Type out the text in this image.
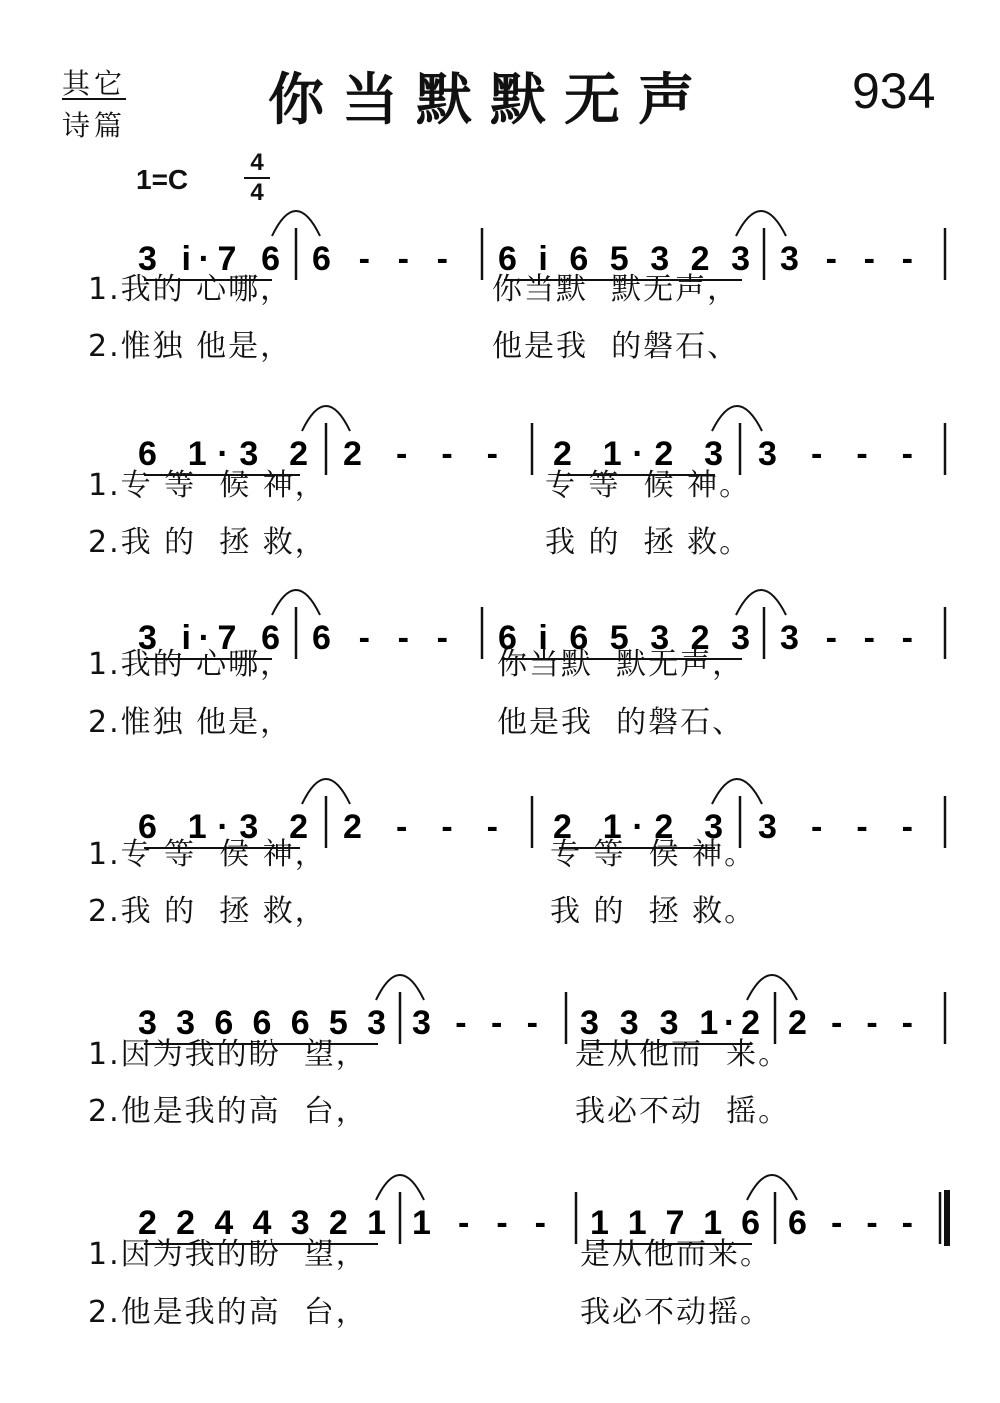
其它
诗篇	你当默默无声	934
1=C
4
4
3 i·7 6 6 - - - 6 i 6 5 3 2 3 3 - - -
6 1·3 2 2 - - - 2 1·2 3 3 - - -
3 i·7 6 6 - - - 6 i 6 5 3 2 3 3 - - -
6 1·3 2 2 - - - 2 1·2 3 3 - - -
3 3 6 6 6 5 3 3 - - - 3 3 3 1·2 2 - - -
2 2 4 4 3 2 1 1 - - - 1 1 7 1 6 6 - - -
1.我的 心哪，	你当默  默无声，
2.惟独 他是，	他是我  的磐石、
1.专 等  候 神，	专 等  候 神。
2.我 的  拯 救，	我 的  拯 救。
1.我的 心哪，	你当默  默无声，
2.惟独 他是，	他是我  的磐石、
1.专 等  侯 神，	专 等  侯 神。
2.我 的  拯 救，	我 的  拯 救。
1.因为我的盼  望，	是从他而  来。
2.他是我的高  台，	我必不动  摇。
1.因为我的盼  望，	是从他而来。
2.他是我的高  台，	我必不动摇。
